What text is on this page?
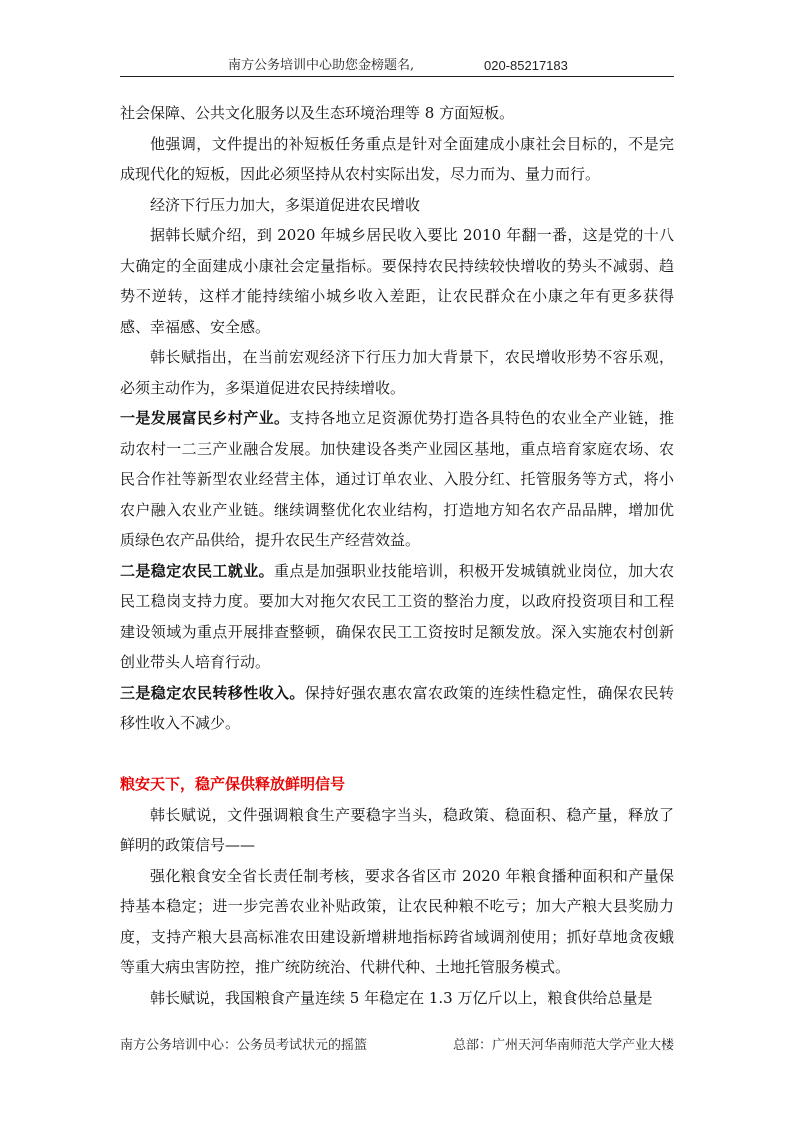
南方公务培训中心助您金榜题名,	020-85217183

社会保障、公共文化服务以及生态环境治理等 8 方面短板。

他强调，文件提出的补短板任务重点是针对全面建成小康社会目标的，不是完成现代化的短板，因此必须坚持从农村实际出发，尽力而为、量力而行。

经济下行压力加大，多渠道促进农民增收

据韩长赋介绍，到 2020 年城乡居民收入要比 2010 年翻一番，这是党的十八大确定的全面建成小康社会定量指标。要保持农民持续较快增收的势头不减弱、趋势不逆转，这样才能持续缩小城乡收入差距，让农民群众在小康之年有更多获得感、幸福感、安全感。

韩长赋指出，在当前宏观经济下行压力加大背景下，农民增收形势不容乐观，必须主动作为，多渠道促进农民持续增收。

一是发展富民乡村产业。支持各地立足资源优势打造各具特色的农业全产业链，推动农村一二三产业融合发展。加快建设各类产业园区基地，重点培育家庭农场、农民合作社等新型农业经营主体，通过订单农业、入股分红、托管服务等方式，将小农户融入农业产业链。继续调整优化农业结构，打造地方知名农产品品牌，增加优质绿色农产品供给，提升农民生产经营效益。

二是稳定农民工就业。重点是加强职业技能培训，积极开发城镇就业岗位，加大农民工稳岗支持力度。要加大对拖欠农民工工资的整治力度，以政府投资项目和工程建设领域为重点开展排查整顿，确保农民工工资按时足额发放。深入实施农村创新创业带头人培育行动。

三是稳定农民转移性收入。保持好强农惠农富农政策的连续性稳定性，确保农民转移性收入不减少。

粮安天下，稳产保供释放鲜明信号

韩长赋说，文件强调粮食生产要稳字当头，稳政策、稳面积、稳产量，释放了鲜明的政策信号——

强化粮食安全省长责任制考核，要求各省区市 2020 年粮食播种面积和产量保持基本稳定；进一步完善农业补贴政策，让农民种粮不吃亏；加大产粮大县奖励力度，支持产粮大县高标准农田建设新增耕地指标跨省域调剂使用；抓好草地贪夜蛾等重大病虫害防控，推广统防统治、代耕代种、土地托管服务模式。

韩长赋说，我国粮食产量连续 5 年稳定在 1.3 万亿斤以上，粮食供给总量是

南方公务培训中心：公务员考试状元的摇篮	总部：广州天河华南师范大学产业大楼
